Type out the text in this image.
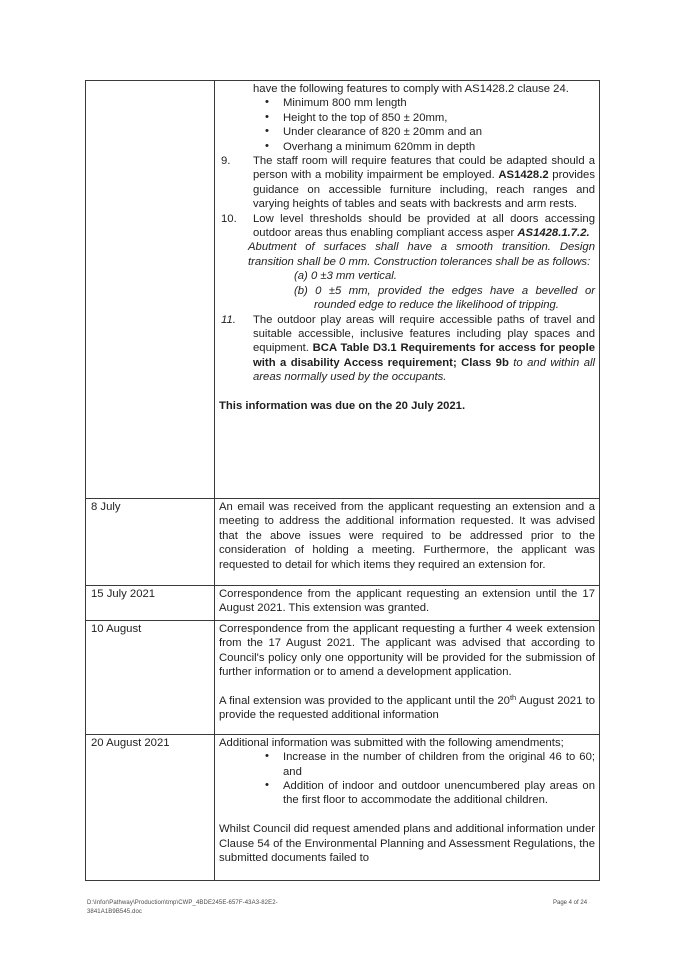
have the following features to comply with AS1428.2 clause 24.
• Minimum 800 mm length
• Height to the top of 850 ± 20mm,
• Under clearance of 820 ± 20mm and an
• Overhang a minimum 620mm in depth
9. The staff room will require features that could be adapted should a person with a mobility impairment be employed. AS1428.2 provides guidance on accessible furniture including, reach ranges and varying heights of tables and seats with backrests and arm rests.
10. Low level thresholds should be provided at all doors accessing outdoor areas thus enabling compliant access asper AS1428.1.7.2.
Abutment of surfaces shall have a smooth transition. Design transition shall be 0 mm. Construction tolerances shall be as follows:
(a) 0 ±3 mm vertical.
(b) 0 ±5 mm, provided the edges have a bevelled or rounded edge to reduce the likelihood of tripping.
11. The outdoor play areas will require accessible paths of travel and suitable accessible, inclusive features including play spaces and equipment. BCA Table D3.1 Requirements for access for people with a disability Access requirement; Class 9b to and within all areas normally used by the occupants.
This information was due on the 20 July 2021.

8 July	An email was received from the applicant requesting an extension and a meeting to address the additional information requested. It was advised that the above issues were required to be addressed prior to the consideration of holding a meeting. Furthermore, the applicant was requested to detail for which items they required an extension for.

15 July 2021	Correspondence from the applicant requesting an extension until the 17 August 2021. This extension was granted.

10 August	Correspondence from the applicant requesting a further 4 week extension from the 17 August 2021. The applicant was advised that according to Council's policy only one opportunity will be provided for the submission of further information or to amend a development application.
A final extension was provided to the applicant until the 20th August 2021 to provide the requested additional information

20 August 2021	Additional information was submitted with the following amendments;
• Increase in the number of children from the original 46 to 60; and
• Addition of indoor and outdoor unencumbered play areas on the first floor to accommodate the additional children.
Whilst Council did request amended plans and additional information under Clause 54 of the Environmental Planning and Assessment Regulations, the submitted documents failed to
D:\Infor\Pathway\Production\tmp\CWP_4BDE245E-657F-43A3-82E2-
3841A1B9B545.doc
Page 4 of 24
